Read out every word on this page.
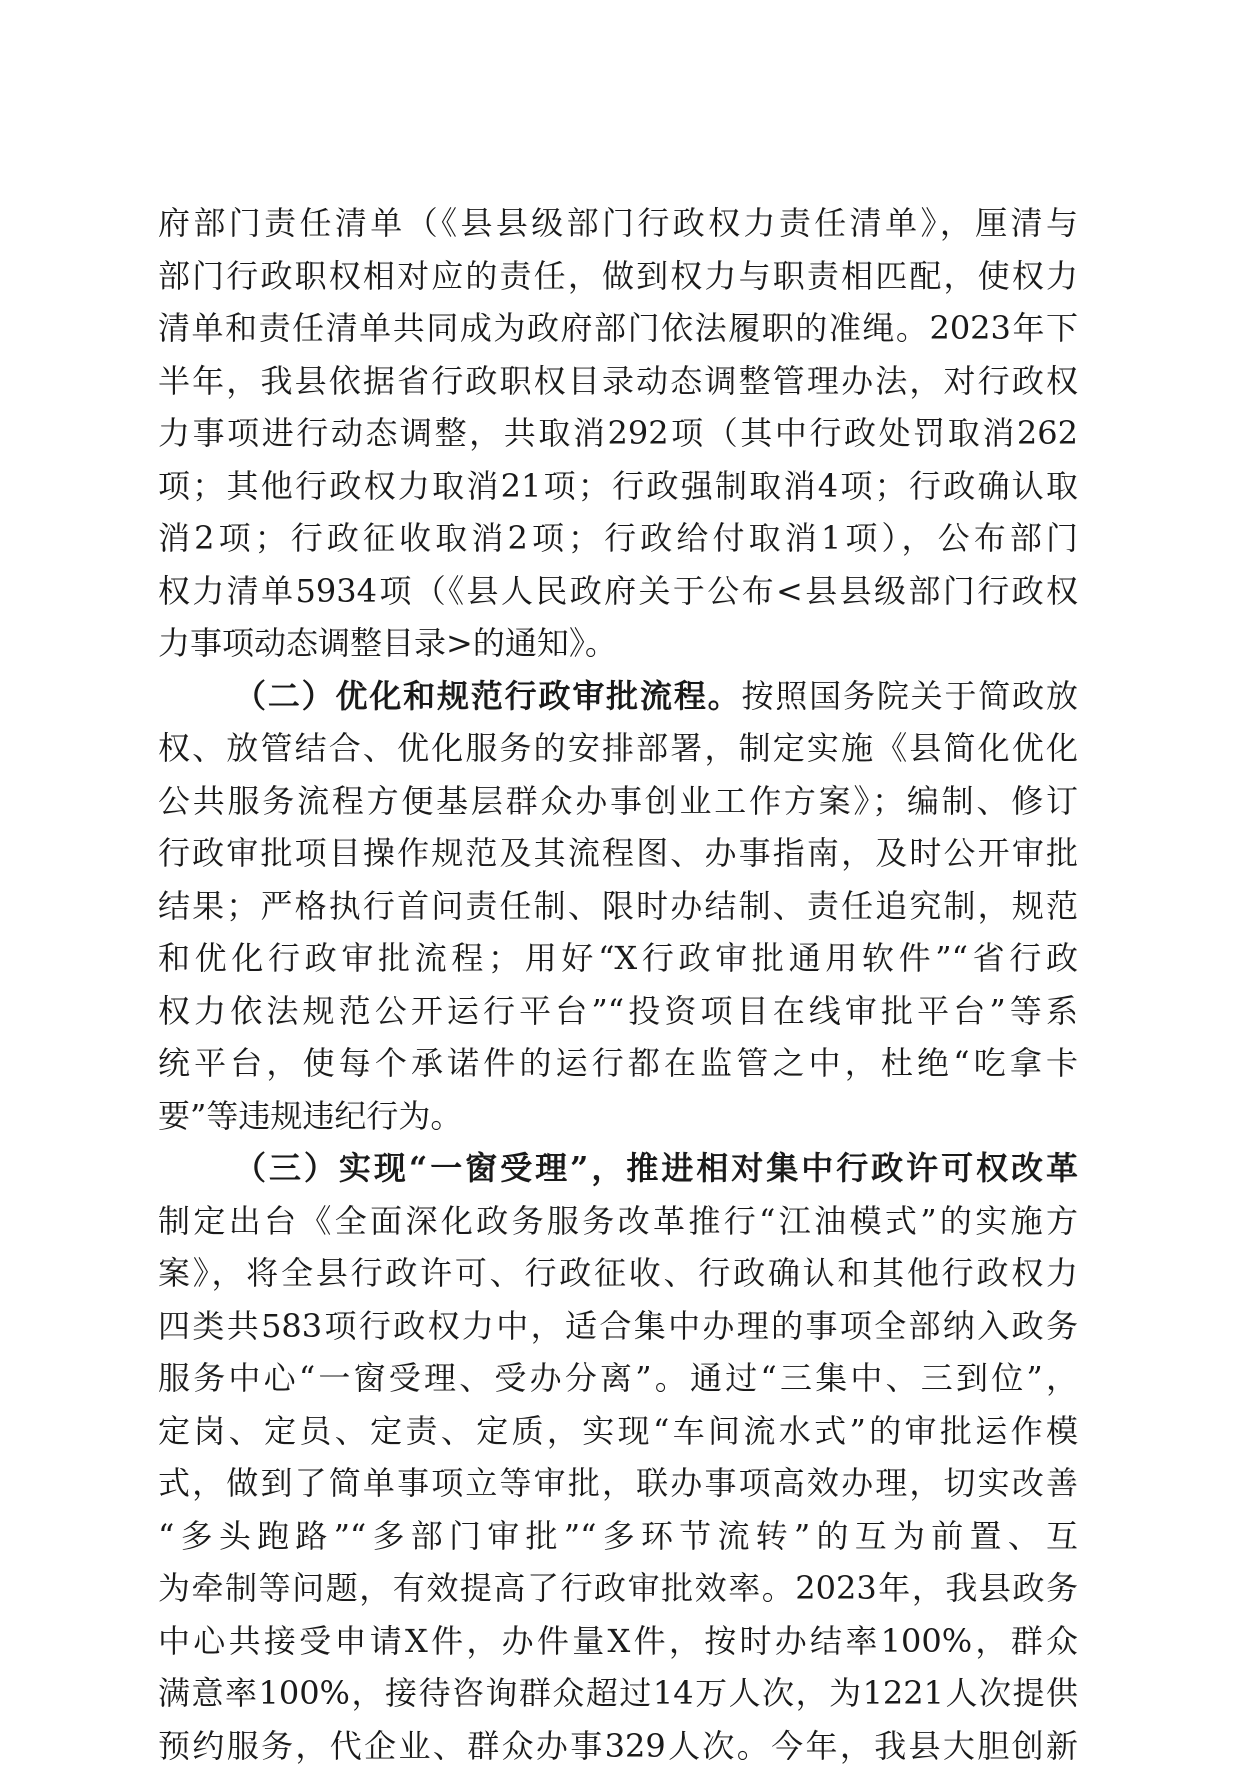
府部门责任清单（《县县级部门行政权力责任清单》，厘清与
部门行政职权相对应的责任，做到权力与职责相匹配，使权力
清单和责任清单共同成为政府部门依法履职的准绳。2023年下
半年，我县依据省行政职权目录动态调整管理办法，对行政权
力事项进行动态调整，共取消292项（其中行政处罚取消262
项；其他行政权力取消21项；行政强制取消4项；行政确认取
消2项；行政征收取消2项；行政给付取消1项），公布部门
权力清单5934项（《县人民政府关于公布<县县级部门行政权
力事项动态调整目录>的通知》。
（二）优化和规范行政审批流程。按照国务院关于简政放
权、放管结合、优化服务的安排部署，制定实施《县简化优化
公共服务流程方便基层群众办事创业工作方案》；编制、修订
行政审批项目操作规范及其流程图、办事指南，及时公开审批
结果；严格执行首问责任制、限时办结制、责任追究制，规范
和优化行政审批流程；用好“X行政审批通用软件”“省行政
权力依法规范公开运行平台”“投资项目在线审批平台”等系
统平台，使每个承诺件的运行都在监管之中，杜绝“吃拿卡
要”等违规违纪行为。
（三）实现“一窗受理”，推进相对集中行政许可权改革
制定出台《全面深化政务服务改革推行“江油模式”的实施方
案》，将全县行政许可、行政征收、行政确认和其他行政权力
四类共583项行政权力中，适合集中办理的事项全部纳入政务
服务中心“一窗受理、受办分离”。通过“三集中、三到位”，
定岗、定员、定责、定质，实现“车间流水式”的审批运作模
式，做到了简单事项立等审批，联办事项高效办理，切实改善
“多头跑路”“多部门审批”“多环节流转”的互为前置、互
为牵制等问题，有效提高了行政审批效率。2023年，我县政务
中心共接受申请X件，办件量X件，按时办结率100%，群众
满意率100%，接待咨询群众超过14万人次，为1221人次提供
预约服务，代企业、群众办事329人次。今年，我县大胆创新
